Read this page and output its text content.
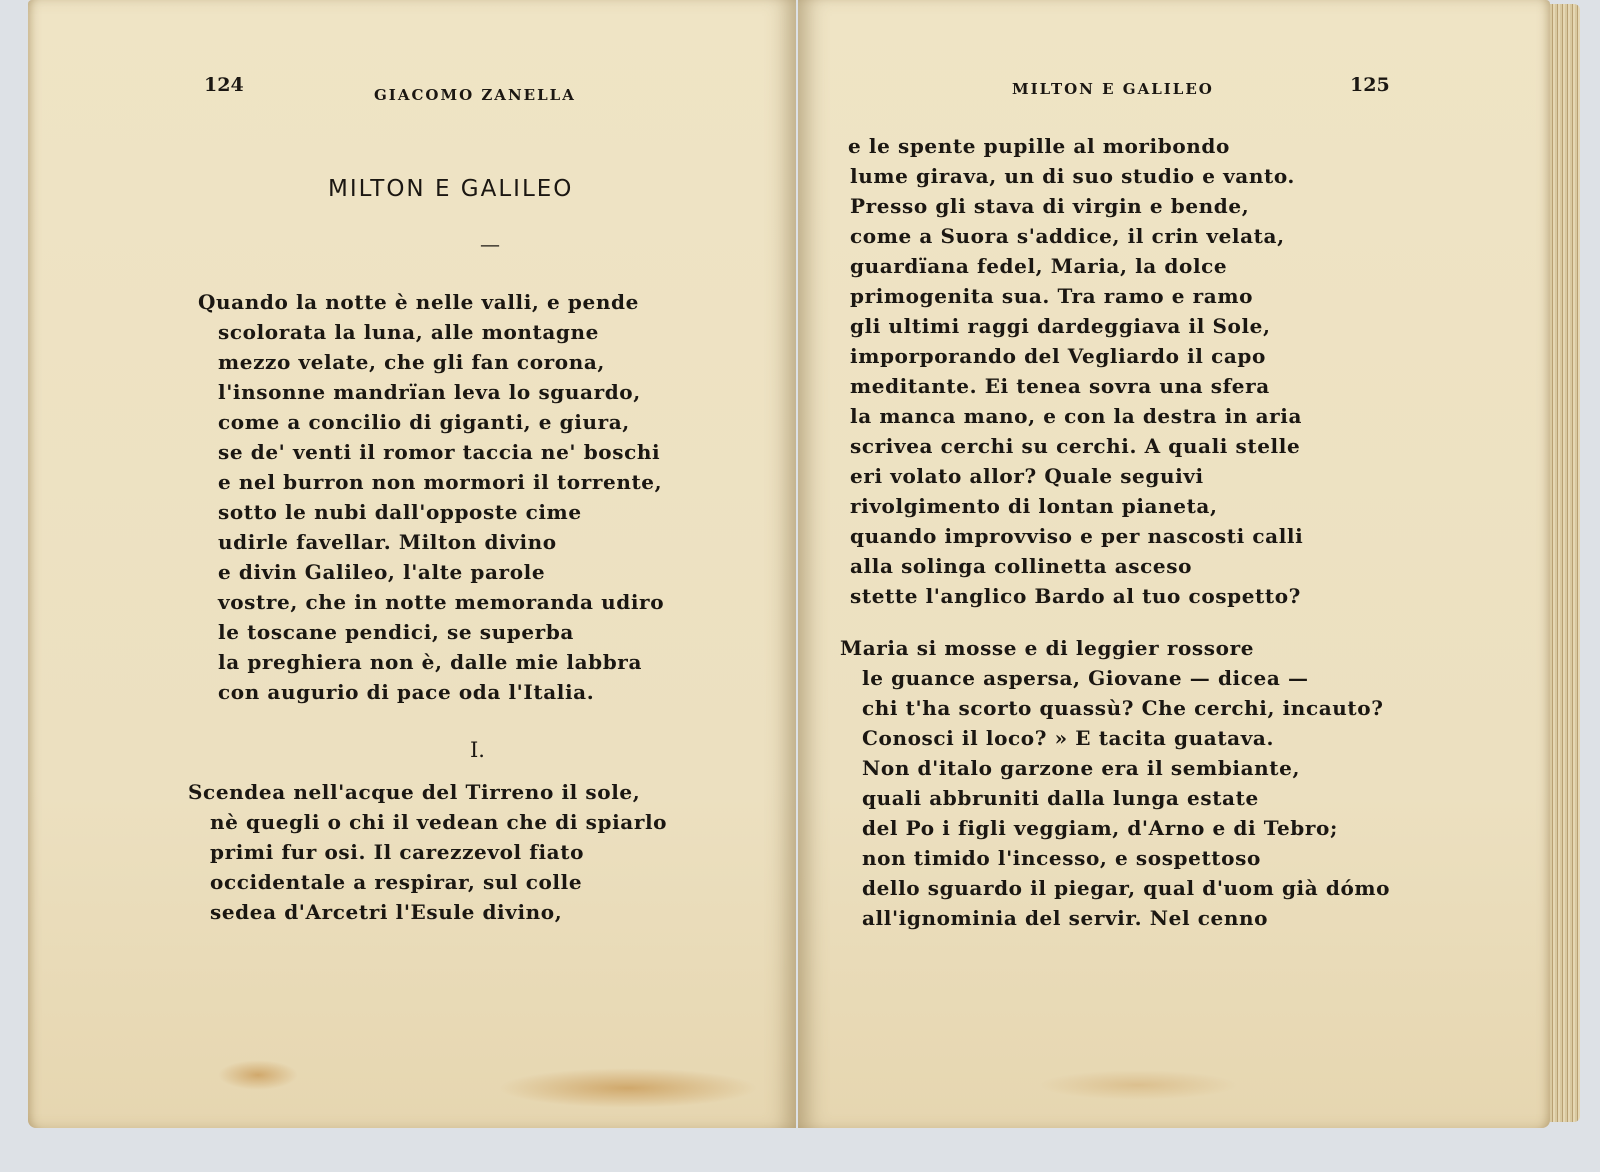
124	GIACOMO ZANELLA
MILTON E GALILEO
—
Quando la notte è nelle valli, e pende
scolorata la luna, alle montagne
mezzo velate, che gli fan corona,
l'insonne mandrïan leva lo sguardo,
come a concilio di giganti, e giura,
se de' venti il romor taccia ne' boschi
e nel burron non mormori il torrente,
sotto le nubi dall'opposte cime
udirle favellar. Milton divino
e divin Galileo, l'alte parole
vostre, che in notte memoranda udiro
le toscane pendici, se superba
la preghiera non è, dalle mie labbra
con augurio di pace oda l'Italia.
I.
Scendea nell'acque del Tirreno il sole,
nè quegli o chi il vedean che di spiarlo
primi fur osi. Il carezzevol fiato
occidentale a respirar, sul colle
sedea d'Arcetri l'Esule divino,
MILTON E GALILEO	125
e le spente pupille al moribondo
lume girava, un di suo studio e vanto.
Presso gli stava di virgin e bende,
come a Suora s'addice, il crin velata,
guardïana fedel, Maria, la dolce
primogenita sua. Tra ramo e ramo
gli ultimi raggi dardeggiava il Sole,
imporporando del Vegliardo il capo
meditante. Ei tenea sovra una sfera
la manca mano, e con la destra in aria
scrivea cerchi su cerchi. A quali stelle
eri volato allor? Quale seguivi
rivolgimento di lontan pianeta,
quando improvviso e per nascosti calli
alla solinga collinetta asceso
stette l'anglico Bardo al tuo cospetto?
Maria si mosse e di leggier rossore
le guance aspersa, Giovane — dicea —
chi t'ha scorto quassù? Che cerchi, incauto?
Conosci il loco? » E tacita guatava.
Non d'italo garzone era il sembiante,
quali abbruniti dalla lunga estate
del Po i figli veggiam, d'Arno e di Tebro;
non timido l'incesso, e sospettoso
dello sguardo il piegar, qual d'uom già dómo
all'ignominia del servir. Nel cenno
